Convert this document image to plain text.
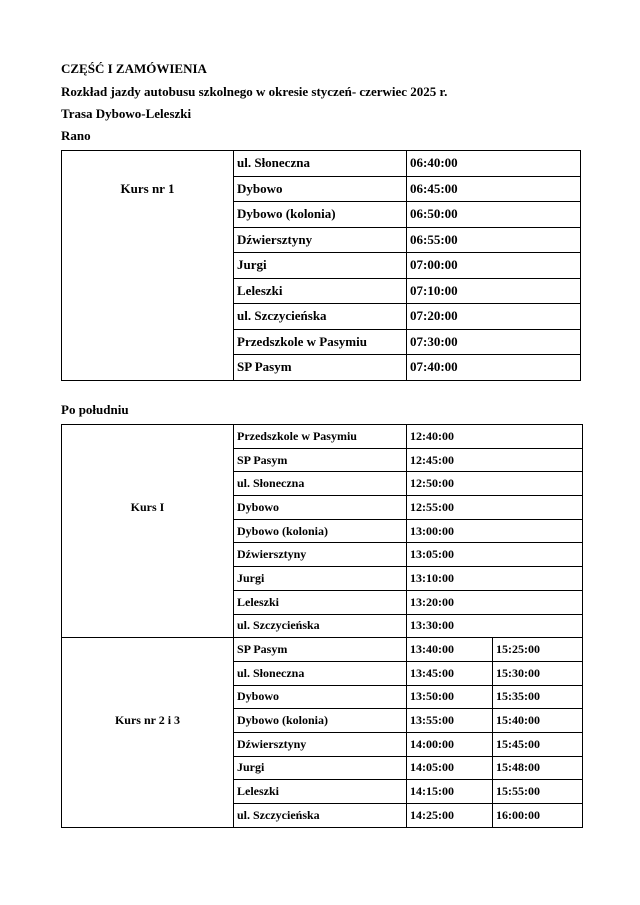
CZĘŚĆ I ZAMÓWIENIA
Rozkład jazdy autobusu szkolnego w okresie styczeń- czerwiec 2025 r.
Trasa Dybowo-Leleszki
Rano
Kurs nr 1	ul. Słoneczna	06:40:00
	Dybowo	06:45:00
	Dybowo (kolonia)	06:50:00
	Dźwiersztyny	06:55:00
	Jurgi	07:00:00
	Leleszki	07:10:00
	ul. Szczycieńska	07:20:00
	Przedszkole w Pasymiu	07:30:00
	SP Pasym	07:40:00
Po południu
	Przedszkole w Pasymiu	12:40:00	
	SP Pasym	12:45:00	
Kurs I	ul. Słoneczna	12:50:00	
	Dybowo	12:55:00	
	Dybowo (kolonia)	13:00:00	
	Dźwiersztyny	13:05:00	
	Jurgi	13:10:00	
	Leleszki	13:20:00	
	ul. Szczycieńska	13:30:00	
	SP Pasym	13:40:00	15:25:00
	ul. Słoneczna	13:45:00	15:30:00
Kurs nr 2 i 3	Dybowo	13:50:00	15:35:00
	Dybowo (kolonia)	13:55:00	15:40:00
	Dźwiersztyny	14:00:00	15:45:00
	Jurgi	14:05:00	15:48:00
	Leleszki	14:15:00	15:55:00
	ul. Szczycieńska	14:25:00	16:00:00
